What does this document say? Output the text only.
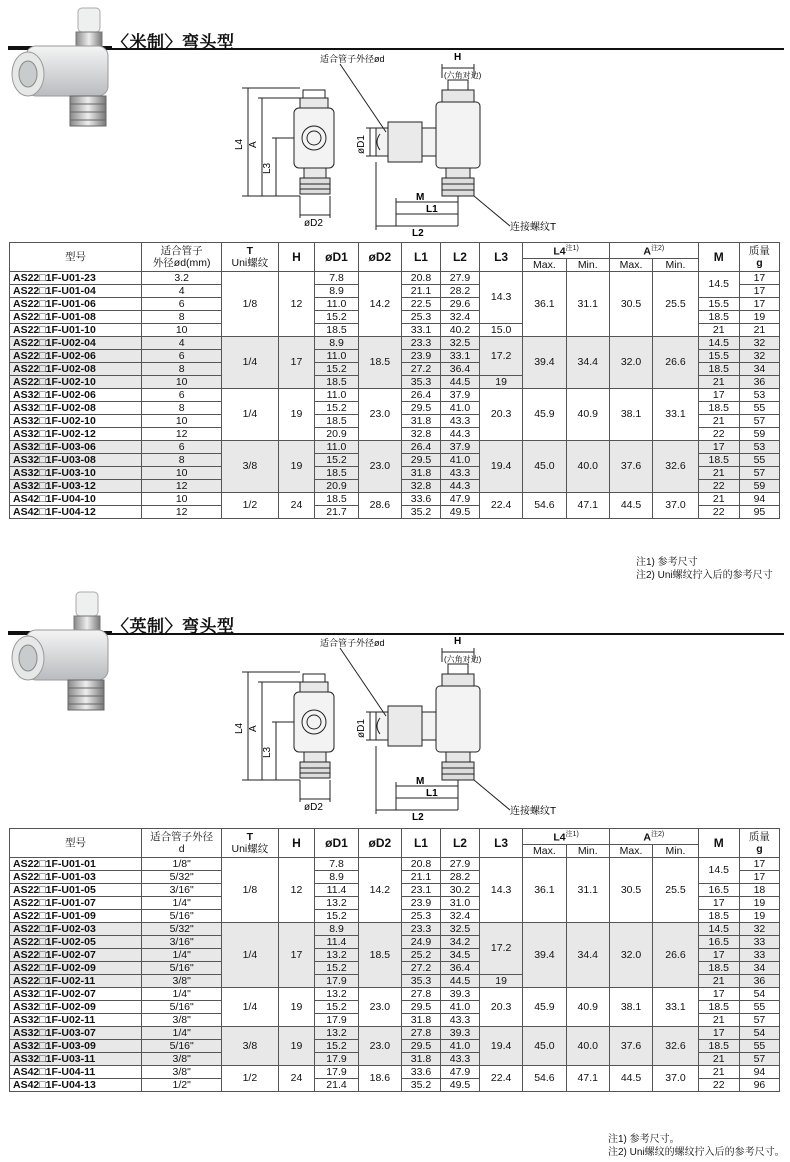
〈米制〉弯头型
L4 A
L3
øD2
øD1
适合管子外径ød	H
(六角对边)
M
L1
L2
连接螺纹T
型号	适合管子
外径ød(mm)	T
Uni螺纹	H	øD1	øD2	L1	L2	L3	L4$^{注1)}$		$A^{注2)}$		M	质量
g
									Max.	Min.	Max.	Min.		
AS22□1F-U01-23	3.2	1/8	12	7.8	14.2	20.8	27.9	14.3	36.1	31.1	30.5	25.5	14.5	17
AS22□1F-U01-04	4			8.9		21.1	28.2							17
AS22□1F-U01-06	6			11.0		22.5	29.6						15.5	17
AS22□1F-U01-08	8			15.2		25.3	32.4						18.5	19
AS22□1F-U01-10	10			18.5		33.1	40.2	15.0					21	21
AS22□1F-U02-04	4	1/4	17	8.9	18.5	23.3	32.5	17.2	39.4	34.4	32.0	26.6	14.5	32
AS22□1F-U02-06	6			11.0		23.9	33.1						15.5	32
AS22□1F-U02-08	8			15.2		27.2	36.4						18.5	34
AS22□1F-U02-10	10			18.5		35.3	44.5	19					21	36
AS32□1F-U02-06	6	1/4	19	11.0	23.0	26.4	37.9	20.3	45.9	40.9	38.1	33.1	17	53
AS32□1F-U02-08	8			15.2		29.5	41.0						18.5	55
AS32□1F-U02-10	10			18.5		31.8	43.3						21	57
AS32□1F-U02-12	12			20.9		32.8	44.3						22	59
AS32□1F-U03-06	6	3/8	19	11.0	23.0	26.4	37.9	19.4	45.0	40.0	37.6	32.6	17	53
AS32□1F-U03-08	8			15.2		29.5	41.0						18.5	55
AS32□1F-U03-10	10			18.5		31.8	43.3						21	57
AS32□1F-U03-12	12			20.9		32.8	44.3						22	59
AS42□1F-U04-10	10	1/2	24	18.5	28.6	33.6	47.9	22.4	54.6	47.1	44.5	37.0	21	94
AS42□1F-U04-12	12			21.7		35.2	49.5						22	95
注1) 参考尺寸
注2) Uni螺纹拧入后的参考尺寸
〈英制〉弯头型
L4 A
L3
øD2
øD1
适合管子外径ød	H
(六角对边)
M
L1
L2
连接螺纹T
型号	适合管子外径
d	T
Uni螺纹	H	øD1	øD2	L1	L2	L3	L4$^{注1)}$		$A^{注2)}$		M	质量
g
									Max.	Min.	Max.	Min.		
AS22□1F-U01-01	1/8"	1/8	12	7.8	14.2	20.8	27.9	14.3	36.1	31.1	30.5	25.5	14.5	17
AS22□1F-U01-03	5/32"			8.9		21.1	28.2							17
AS22□1F-U01-05	3/16"			11.4		23.1	30.2						16.5	18
AS22□1F-U01-07	1/4"			13.2		23.9	31.0						17	19
AS22□1F-U01-09	5/16"			15.2		25.3	32.4						18.5	19
AS22□1F-U02-03	5/32"	1/4	17	8.9	18.5	23.3	32.5	17.2	39.4	34.4	32.0	26.6	14.5	32
AS22□1F-U02-05	3/16"			11.4		24.9	34.2						16.5	33
AS22□1F-U02-07	1/4"			13.2		25.2	34.5						17	33
AS22□1F-U02-09	5/16"			15.2		27.2	36.4						18.5	34
AS22□1F-U02-11	3/8"			17.9		35.3	44.5	19					21	36
AS32□1F-U02-07	1/4"	1/4	19	13.2	23.0	27.8	39.3	20.3	45.9	40.9	38.1	33.1	17	54
AS32□1F-U02-09	5/16"			15.2		29.5	41.0						18.5	55
AS32□1F-U02-11	3/8"			17.9		31.8	43.3						21	57
AS32□1F-U03-07	1/4"	3/8	19	13.2	23.0	27.8	39.3	19.4	45.0	40.0	37.6	32.6	17	54
AS32□1F-U03-09	5/16"			15.2		29.5	41.0						18.5	55
AS32□1F-U03-11	3/8"			17.9		31.8	43.3						21	57
AS42□1F-U04-11	3/8"	1/2	24	17.9	18.6	33.6	47.9	22.4	54.6	47.1	44.5	37.0	21	94
AS42□1F-U04-13	1/2"			21.4		35.2	49.5						22	96
注1) 参考尺寸。
注2) Uni螺纹的螺纹拧入后的参考尺寸。
